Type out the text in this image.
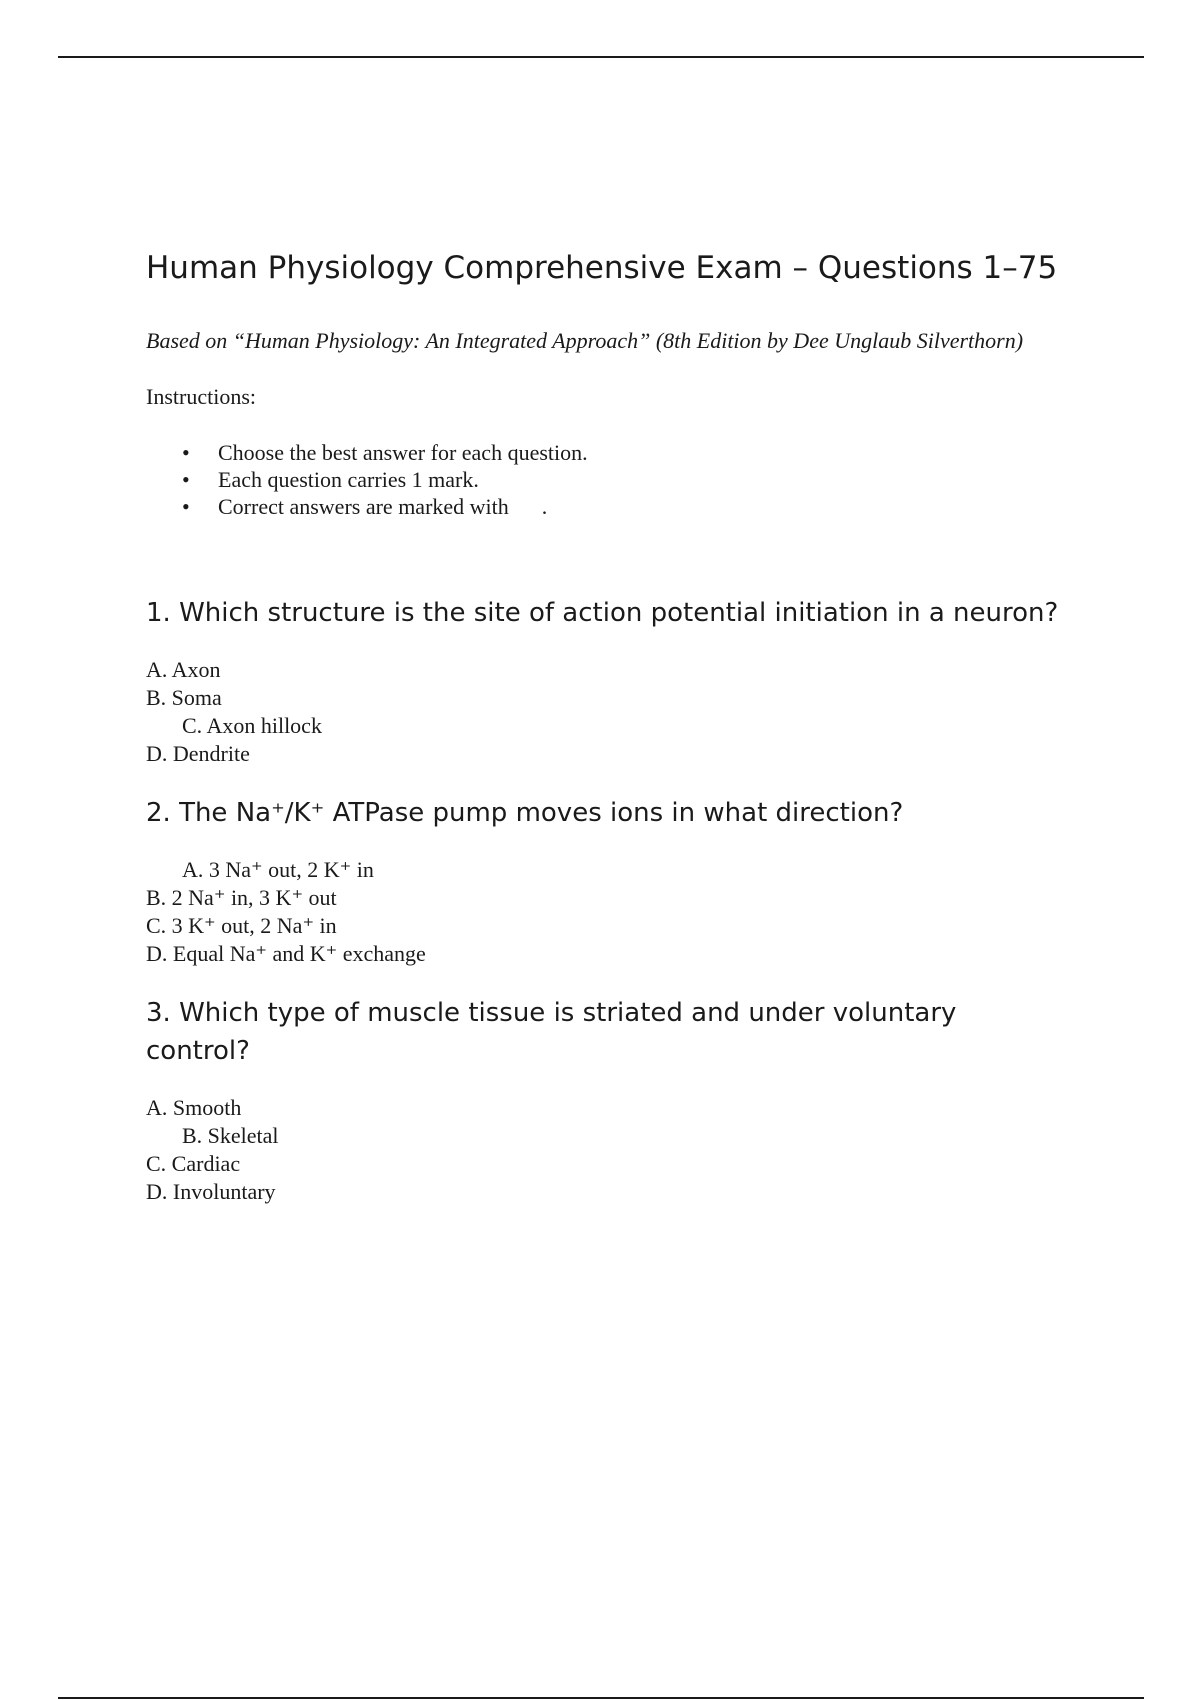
Human Physiology Comprehensive Exam – Questions 1–75

Based on “Human Physiology: An Integrated Approach” (8th Edition by Dee Unglaub Silverthorn)

Instructions:

• Choose the best answer for each question.
• Each question carries 1 mark.
• Correct answers are marked with      .
1. Which structure is the site of action potential initiation in a neuron?
A. Axon
B. Soma
C. Axon hillock
D. Dendrite
2. The Na⁺/K⁺ ATPase pump moves ions in what direction?
A. 3 Na⁺ out, 2 K⁺ in
B. 2 Na⁺ in, 3 K⁺ out
C. 3 K⁺ out, 2 Na⁺ in
D. Equal Na⁺ and K⁺ exchange
3. Which type of muscle tissue is striated and under voluntary control?
A. Smooth
B. Skeletal
C. Cardiac
D. Involuntary
